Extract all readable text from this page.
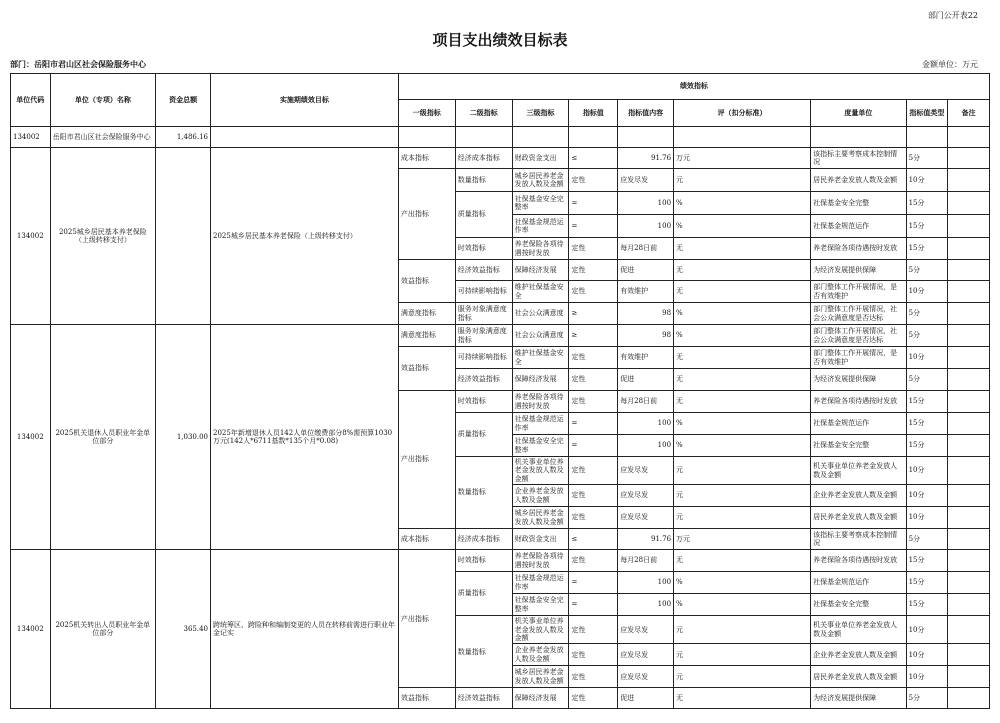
部门公开表22
项目支出绩效目标表
部门：岳阳市君山区社会保险服务中心	金额单位：万元
单位代码	单位（专项）名称	资金总额	实施期绩效目标	绩效指标								
				一级指标	二级指标	三级指标	指标值	指标值内容	评（扣分标准）	度量单位	指标值类型	备注
134002	岳阳市君山区社会保险服务中心	1,486.16										
134002	2025城乡居民基本养老保险（上级转移支付）		2025城乡居民基本养老保险（上级转移支付）	成本指标	经济成本指标	财政资金支出	≤	91.76	万元	该指标主要考察成本控制情况	5分	
				产出指标	数量指标	城乡居民养老金发放人数及金额	定性	应发尽发	元	居民养老金发放人数及金额	10分	
					质量指标	社保基金安全完整率	=	100	%	社保基金安全完整	15分	
						社保基金规范运作率	=	100	%	社保基金规范运作	15分	
					时效指标	养老保险各项待遇按时发放	定性	每月28日前	无	养老保险各项待遇按时发放	15分	
				效益指标	经济效益指标	保障经济发展	定性	促进	无	为经济发展提供保障	5分	
					可持续影响指标	维护社保基金安全	定性	有效维护	无	部门整体工作开展情况，是否有效维护	10分	
				满意度指标	服务对象满意度指标	社会公众满意度	≥	98	%	部门整体工作开展情况，社会公众满意度是否达标	5分	
134002	2025机关退休人员职业年金单位部分	1,030.00	2025年新增退休人员142人单位缴费部分8%需预算1030万元(142人*6711基数*135个月*0.08)	满意度指标	服务对象满意度指标	社会公众满意度	≥	98	%	部门整体工作开展情况，社会公众满意度是否达标	5分	
				效益指标	可持续影响指标	维护社保基金安全	定性	有效维护	无	部门整体工作开展情况，是否有效维护	10分	
					经济效益指标	保障经济发展	定性	促进	无	为经济发展提供保障	5分	
				产出指标	时效指标	养老保险各项待遇按时发放	定性	每月28日前	无	养老保险各项待遇按时发放	15分	
					质量指标	社保基金规范运作率	=	100	%	社保基金规范运作	15分	
						社保基金安全完整率	=	100	%	社保基金安全完整	15分	
					数量指标	机关事业单位养老金发放人数及金额	定性	应发尽发	元	机关事业单位养老金发放人数及金额	10分	
						企业养老金发放人数及金额	定性	应发尽发	元	企业养老金发放人数及金额	10分	
						城乡居民养老金发放人数及金额	定性	应发尽发	元	居民养老金发放人数及金额	10分	
				成本指标	经济成本指标	财政资金支出	≤	91.76	万元	该指标主要考察成本控制情况	5分	
134002	2025机关转出人员职业年金单位部分	365.40	跨统筹区、跨险种和编制变更的人员在转移前需进行职业年金记实	产出指标	时效指标	养老保险各项待遇按时发放	定性	每月28日前	无	养老保险各项待遇按时发放	15分	
					质量指标	社保基金规范运作率	=	100	%	社保基金规范运作	15分	
						社保基金安全完整率	=	100	%	社保基金安全完整	15分	
					数量指标	机关事业单位养老金发放人数及金额	定性	应发尽发	元	机关事业单位养老金发放人数及金额	10分	
						企业养老金发放人数及金额	定性	应发尽发	元	企业养老金发放人数及金额	10分	
						城乡居民养老金发放人数及金额	定性	应发尽发	元	居民养老金发放人数及金额	10分	
				效益指标	经济效益指标	保障经济发展	定性	促进	无	为经济发展提供保障	5分	
